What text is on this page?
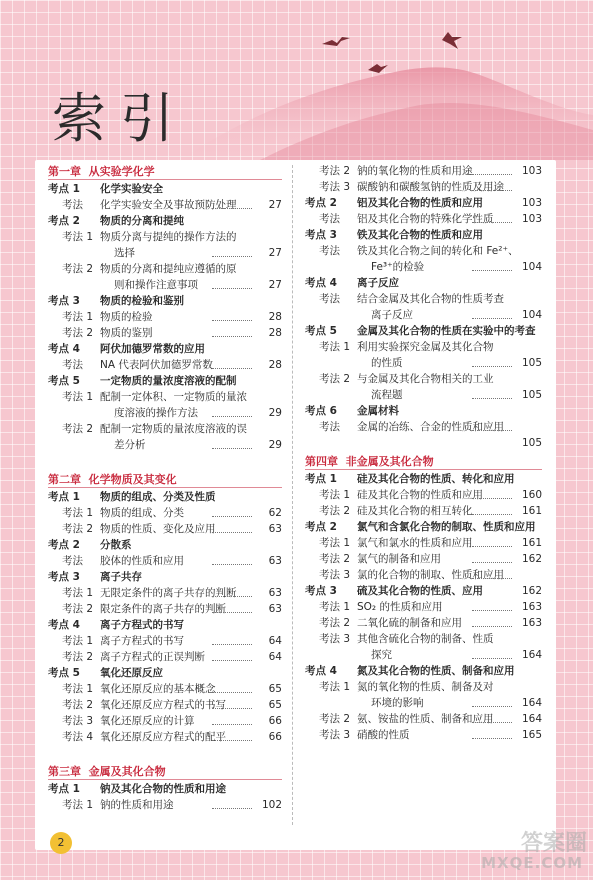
索引
第一章 从实验学化学
考点 1 化学实验安全
考法 化学实验安全及事故预防处理	27
考点 2 物质的分离和提纯
考法 1 物质分离与提纯的操作方法的
选择	27
考法 2 物质的分离和提纯应遵循的原
则和操作注意事项	27
考点 3 物质的检验和鉴别
考法 1 物质的检验	28
考法 2 物质的鉴别	28
考点 4 阿伏加德罗常数的应用
考法 NA 代表阿伏加德罗常数	28
考点 5 一定物质的量浓度溶液的配制
考法 1 配制一定体积、一定物质的量浓
度溶液的操作方法	29
考法 2 配制一定物质的量浓度溶液的误
差分析	29
第二章 化学物质及其变化
考点 1 物质的组成、分类及性质
考法 1 物质的组成、分类	62
考法 2 物质的性质、变化及应用	63
考点 2 分散系
考法 胶体的性质和应用	63
考点 3 离子共存
考法 1 无限定条件的离子共存的判断	63
考法 2 限定条件的离子共存的判断	63
考点 4 离子方程式的书写
考法 1 离子方程式的书写	64
考法 2 离子方程式的正误判断	64
考点 5 氧化还原反应
考法 1 氧化还原反应的基本概念	65
考法 2 氧化还原反应方程式的书写	65
考法 3 氧化还原反应的计算	66
考法 4 氧化还原反应方程式的配平	66
第三章 金属及其化合物
考点 1 钠及其化合物的性质和用途
考法 1 钠的性质和用途	102
考法 2 钠的氧化物的性质和用途	103
考法 3 碳酸钠和碳酸氢钠的性质及用途
103
考点 2 铝及其化合物的性质和应用
考法 铝及其化合物的特殊化学性质	103
考点 3 铁及其化合物的性质和应用
考法 铁及其化合物之间的转化和 Fe²⁺、
Fe³⁺的检验	104
考点 4 离子反应
考法 结合金属及其化合物的性质考查
离子反应	104
考点 5 金属及其化合物的性质在实验中的考查
考法 1 利用实验探究金属及其化合物
的性质	105
考法 2 与金属及其化合物相关的工业
流程题	105
考点 6 金属材料
考法 金属的冶练、合金的性质和应用
105
第四章 非金属及其化合物
考点 1 硅及其化合物的性质、转化和应用
考法 1 硅及其化合物的性质和应用	160
考法 2 硅及其化合物的相互转化	161
考点 2 氯气和含氯化合物的制取、性质和应用
考法 1 氯气和氯水的性质和应用	161
考法 2 氯气的制备和应用	162
考法 3 氯的化合物的制取、性质和应用
162
考点 3 硫及其化合物的性质、应用
考法 1 SO₂ 的性质和应用	163
考法 2 二氧化硫的制备和应用	163
考法 3 其他含硫化合物的制备、性质
探究	164
考点 4 氮及其化合物的性质、制备和应用
考法 1 氮的氧化物的性质、制备及对
环境的影响	164
考法 2 氨、铵盐的性质、制备和应用	164
考法 3 硝酸的性质	165
2	答案圈
MXQE.COM
